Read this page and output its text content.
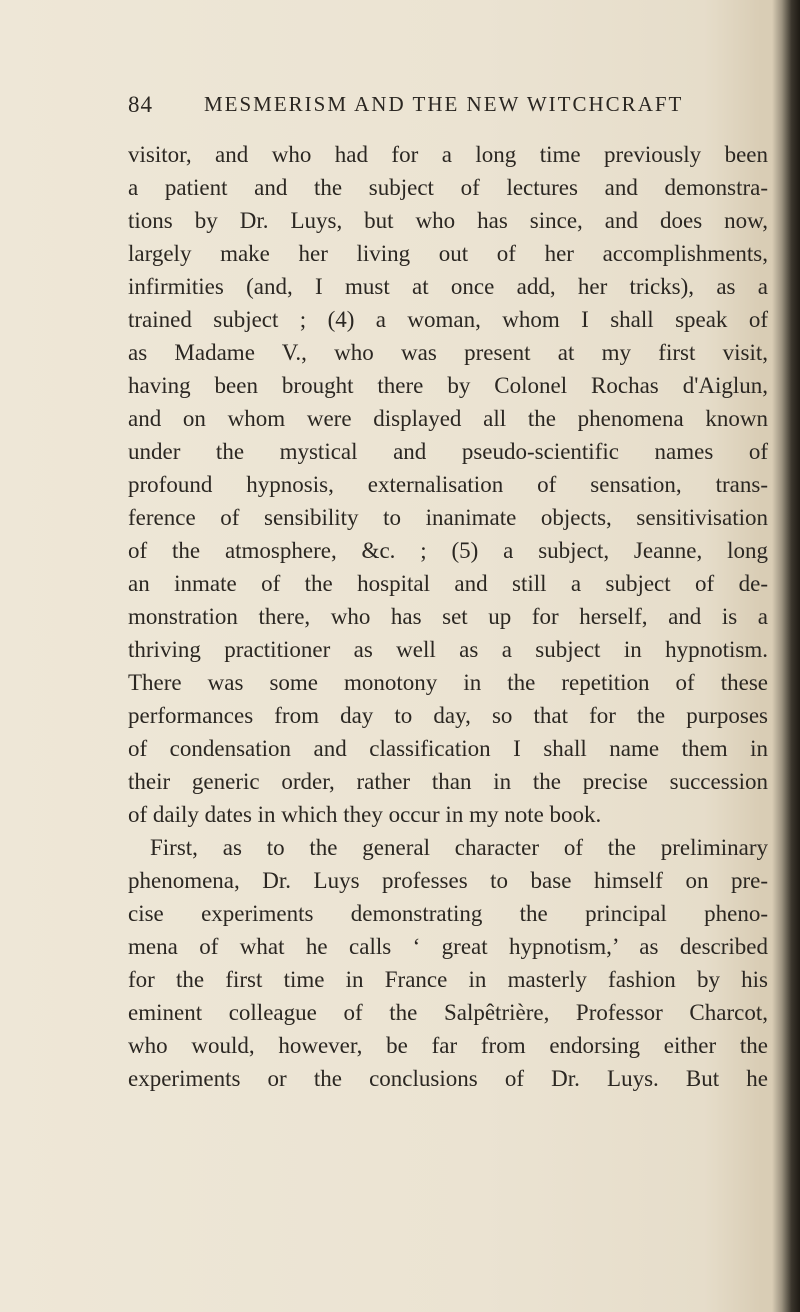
84 MESMERISM AND THE NEW WITCHCRAFT
visitor, and who had for a long time previously been
a patient and the subject of lectures and demonstra-
tions by Dr. Luys, but who has since, and does now,
largely make her living out of her accomplishments,
infirmities (and, I must at once add, her tricks), as a
trained subject ; (4) a woman, whom I shall speak of
as Madame V., who was present at my first visit,
having been brought there by Colonel Rochas d'Aiglun,
and on whom were displayed all the phenomena known
under the mystical and pseudo-scientific names of
profound hypnosis, externalisation of sensation, trans-
ference of sensibility to inanimate objects, sensitivisation
of the atmosphere, &c. ; (5) a subject, Jeanne, long
an inmate of the hospital and still a subject of de-
monstration there, who has set up for herself, and is a
thriving practitioner as well as a subject in hypnotism.
There was some monotony in the repetition of these
performances from day to day, so that for the purposes
of condensation and classification I shall name them in
their generic order, rather than in the precise succession
of daily dates in which they occur in my note book.
First, as to the general character of the preliminary
phenomena, Dr. Luys professes to base himself on pre-
cise experiments demonstrating the principal pheno-
mena of what he calls ‘ great hypnotism,’ as described
for the first time in France in masterly fashion by his
eminent colleague of the Salpêtrière, Professor Charcot,
who would, however, be far from endorsing either the
experiments or the conclusions of Dr. Luys. But he
